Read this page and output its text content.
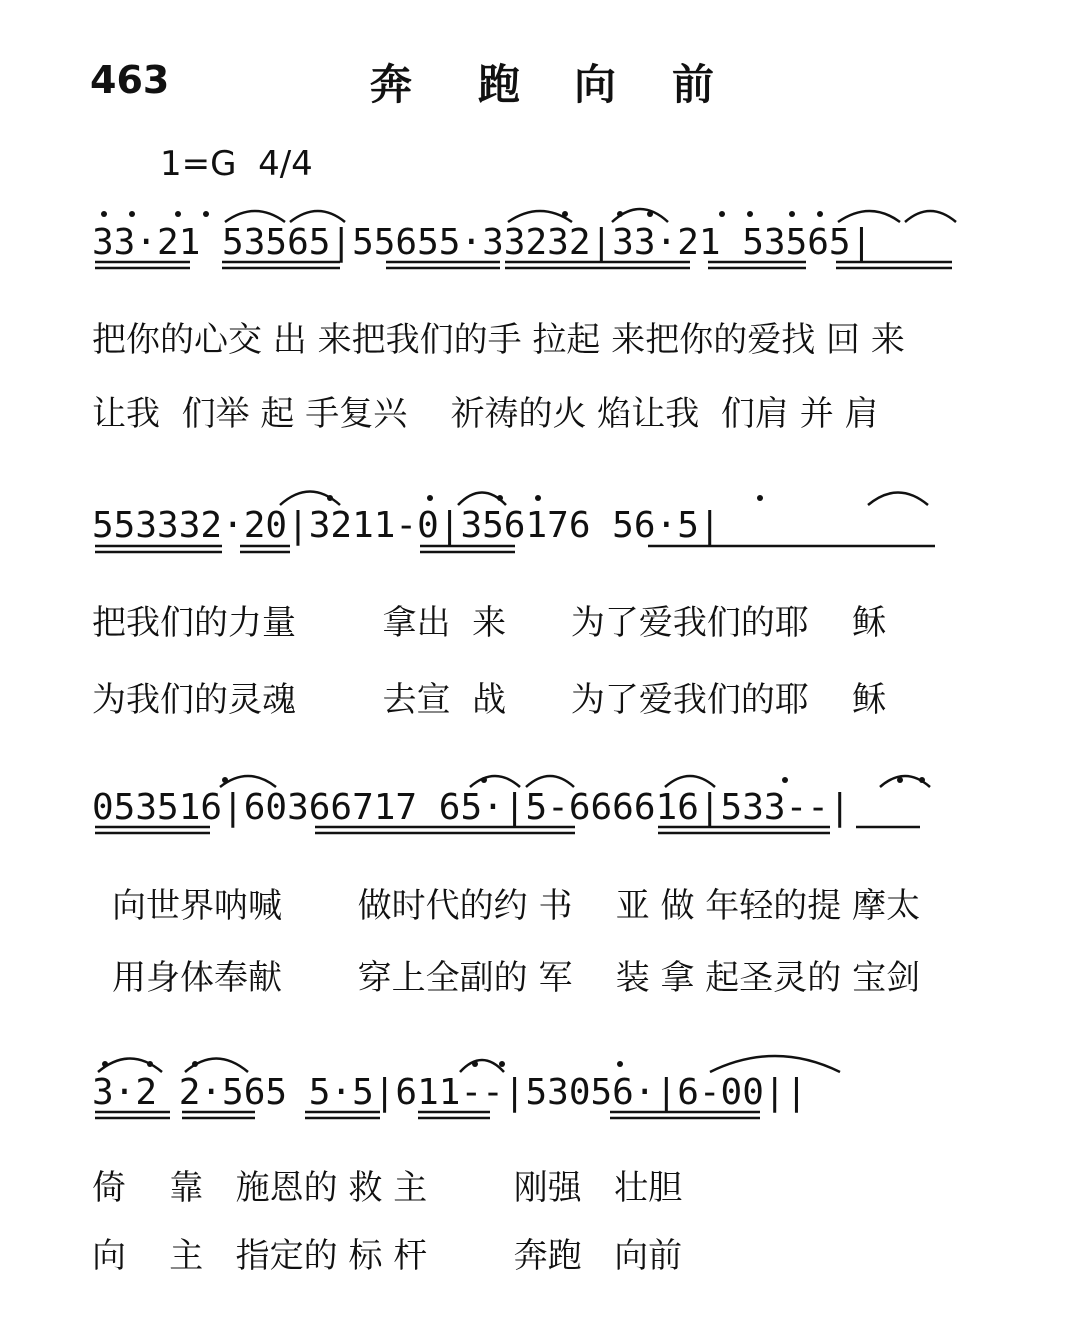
463	奔 跑 向 前
1=G  4/4
33·21 53565|55655·33232|33·21 53565|
把你的心交 出 来把我们的手 拉起 来把你的爱找 回 来
让我  们举 起 手复兴    祈祷的火 焰让我  们肩 并 肩
553332·20|3211-0|356176 56·5|
把我们的力量        拿出  来      为了爱我们的耶    稣
为我们的灵魂        去宣  战      为了爱我们的耶    稣
053516|60366717 65·|5-666616|533--|
向世界呐喊       做时代的约 书    亚 做 年轻的提 摩太
用身体奉献       穿上全副的 军    装 拿 起圣灵的 宝剑
3·2 2·565 5·5|611--|53056·|6-00||
倚    靠   施恩的 救 主        刚强   壮胆
向    主   指定的 标 杆        奔跑   向前
